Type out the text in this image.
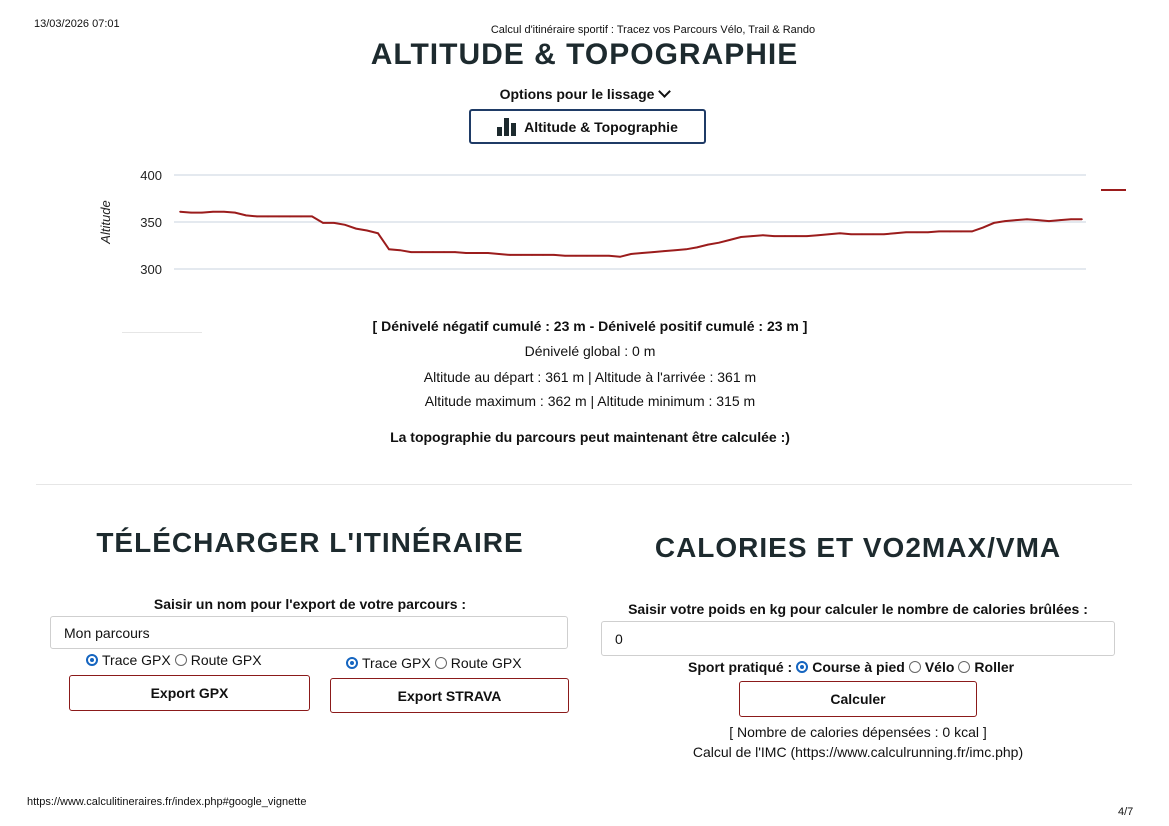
13/03/2026 07:01	Calcul d'itinéraire sportif : Tracez vos Parcours Vélo, Trail & Rando
ALTITUDE & TOPOGRAPHIE
Options pour le lissage
Altitude & Topographie
400
350
300
Altitude
[ Dénivelé négatif cumulé : 23 m - Dénivelé positif cumulé : 23 m ]
Dénivelé global : 0 m
Altitude au départ : 361 m | Altitude à l'arrivée : 361 m
Altitude maximum : 362 m | Altitude minimum : 315 m
La topographie du parcours peut maintenant être calculée :)
TÉLÉCHARGER L'ITINÉRAIRE
Saisir un nom pour l'export de votre parcours :
Mon parcours
Trace GPX Route GPX	Trace GPX Route GPX
Export GPX	Export STRAVA
CALORIES ET VO2MAX/VMA
Saisir votre poids en kg pour calculer le nombre de calories brûlées :
0
Sport pratiqué : Course à pied Vélo Roller
Calculer
[ Nombre de calories dépensées : 0 kcal ]
Calcul de l'IMC (https://www.calculrunning.fr/imc.php)
https://www.calculitineraires.fr/index.php#google_vignette
4/7
